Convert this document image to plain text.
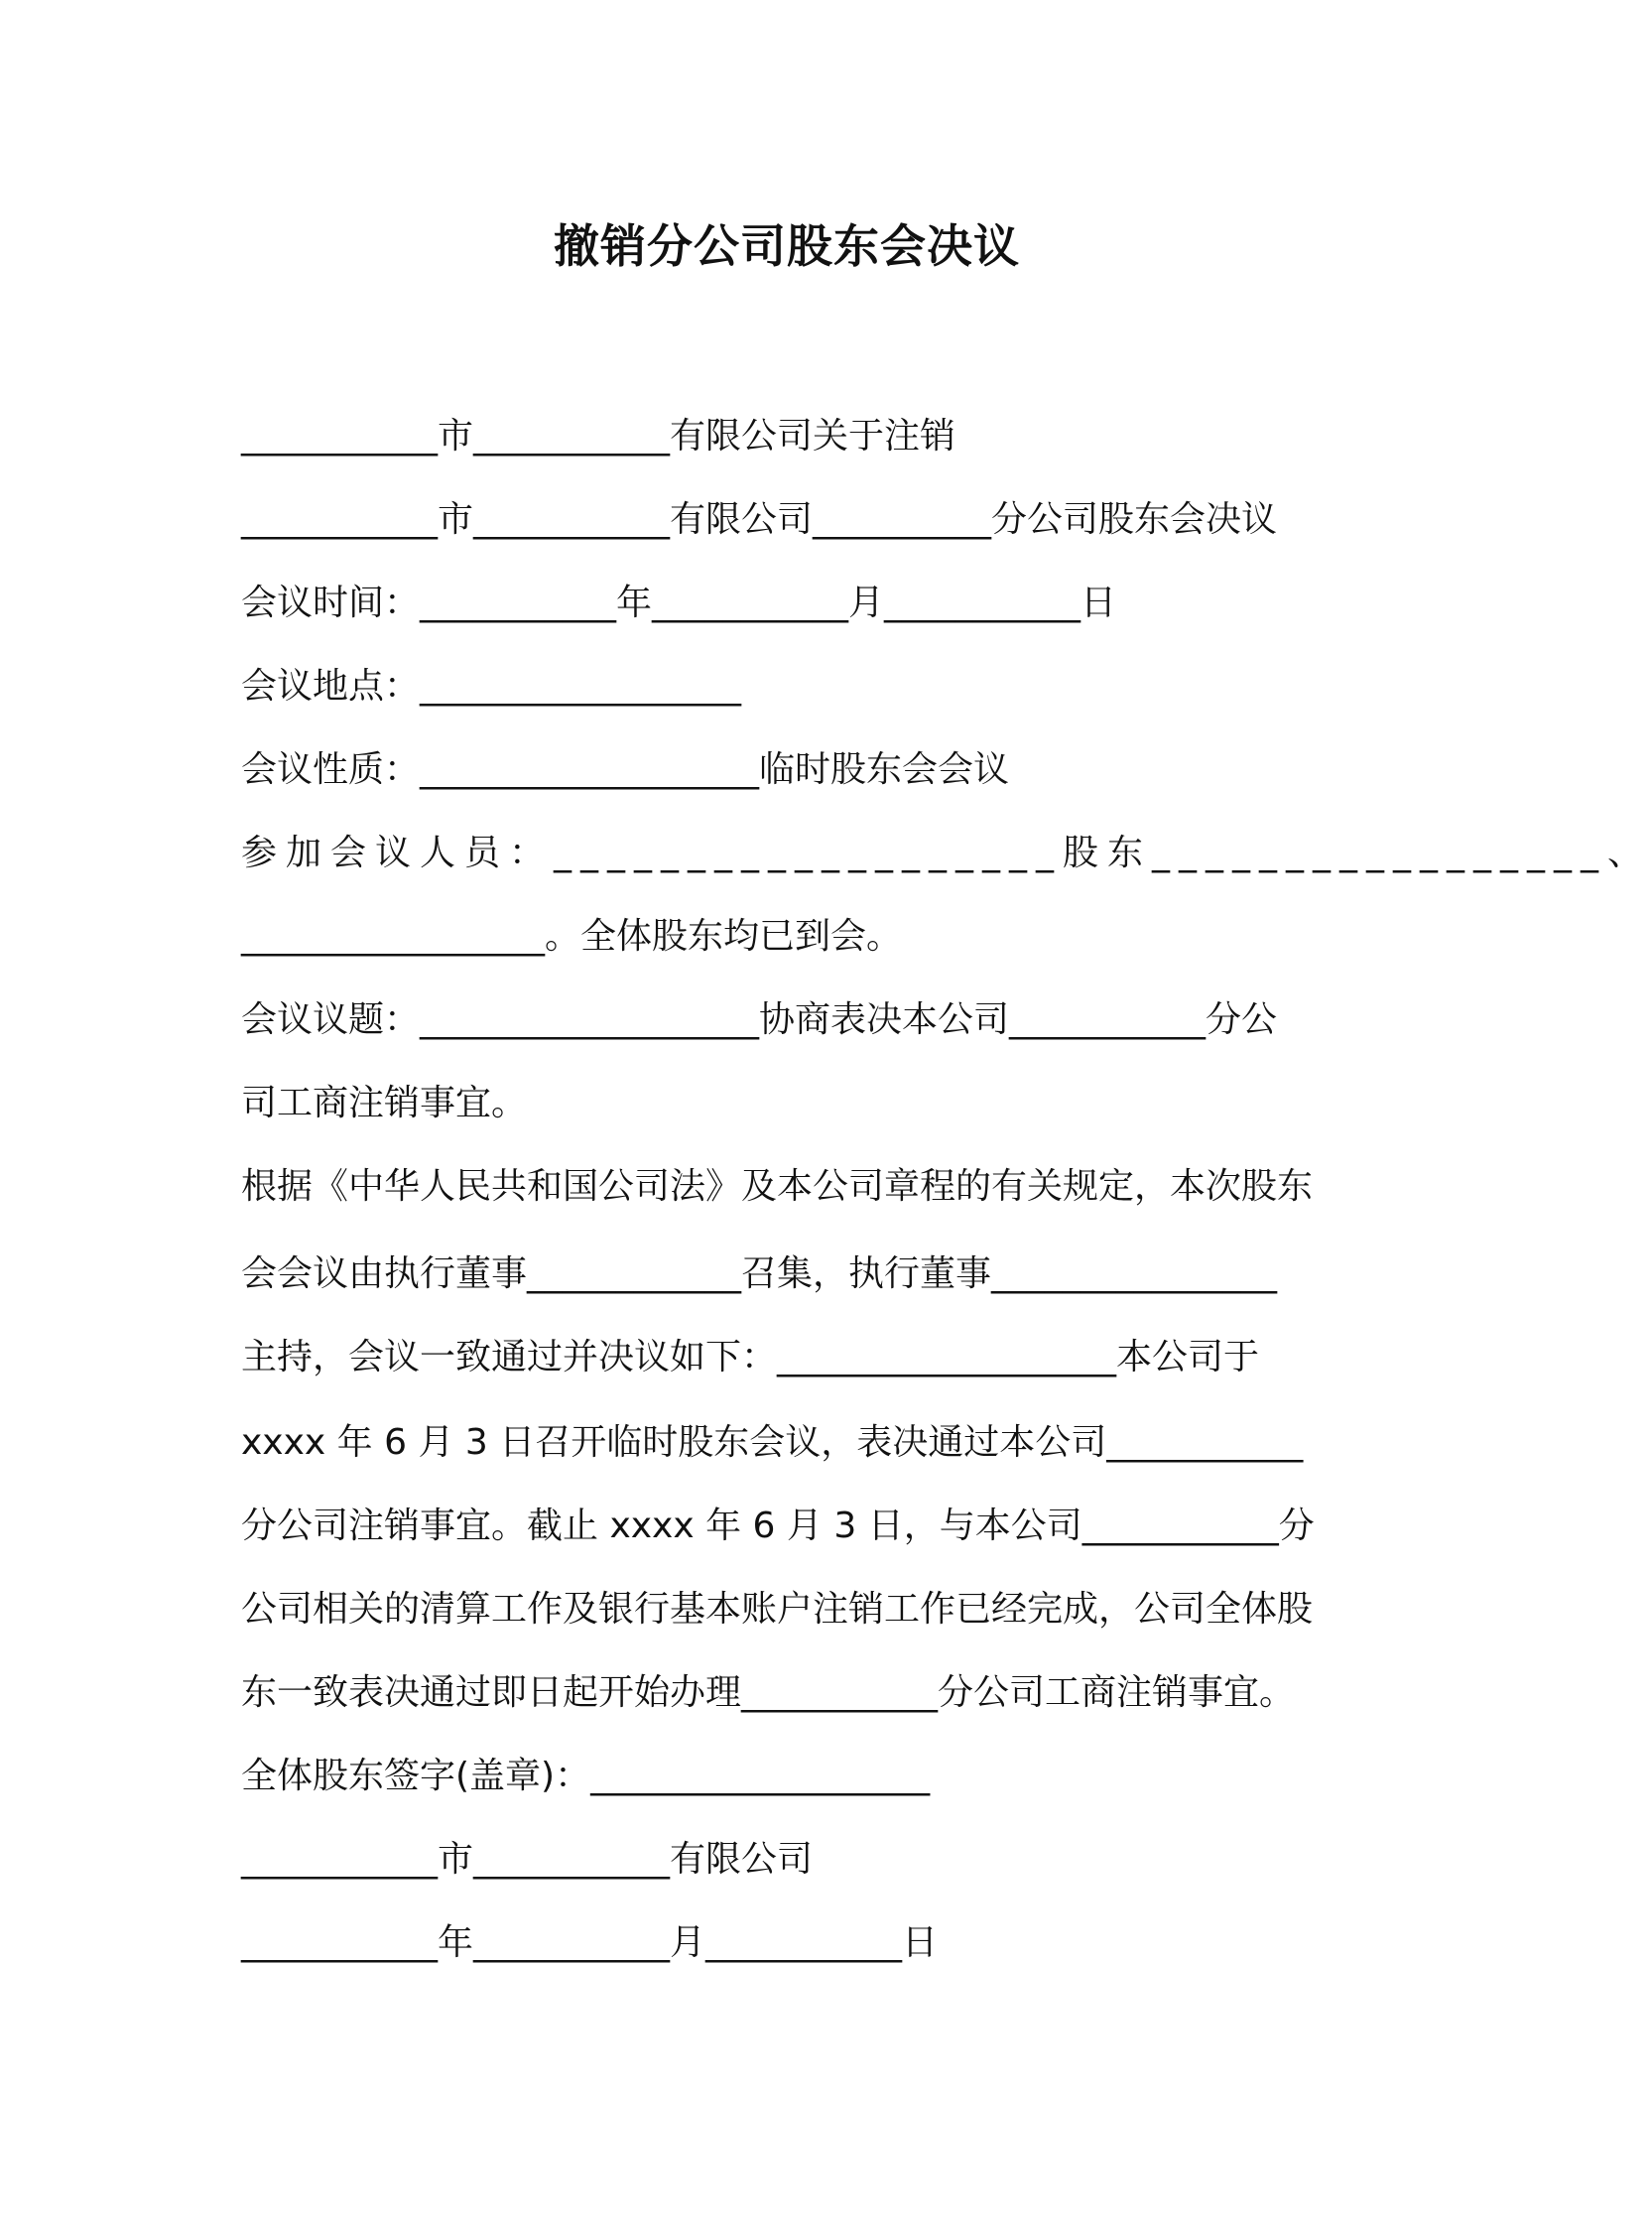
撤销分公司股东会决议
___________市___________有限公司关于注销
___________市___________有限公司__________分公司股东会决议
会议时间：___________年___________月___________日
会议地点：__________________
会议性质：___________________临时股东会会议
参加会议人员：___________________股东_________________、
_________________。全体股东均已到会。
会议议题：___________________协商表决本公司___________分公
司工商注销事宜。
根据《中华人民共和国公司法》及本公司章程的有关规定，本次股东
会会议由执行董事____________召集，执行董事________________
主持，会议一致通过并决议如下：___________________本公司于
xxxx 年 6 月 3 日召开临时股东会议，表决通过本公司___________
分公司注销事宜。截止 xxxx 年 6 月 3 日，与本公司___________分
公司相关的清算工作及银行基本账户注销工作已经完成，公司全体股
东一致表决通过即日起开始办理___________分公司工商注销事宜。
全体股东签字(盖章)：___________________
___________市___________有限公司
___________年___________月___________日
